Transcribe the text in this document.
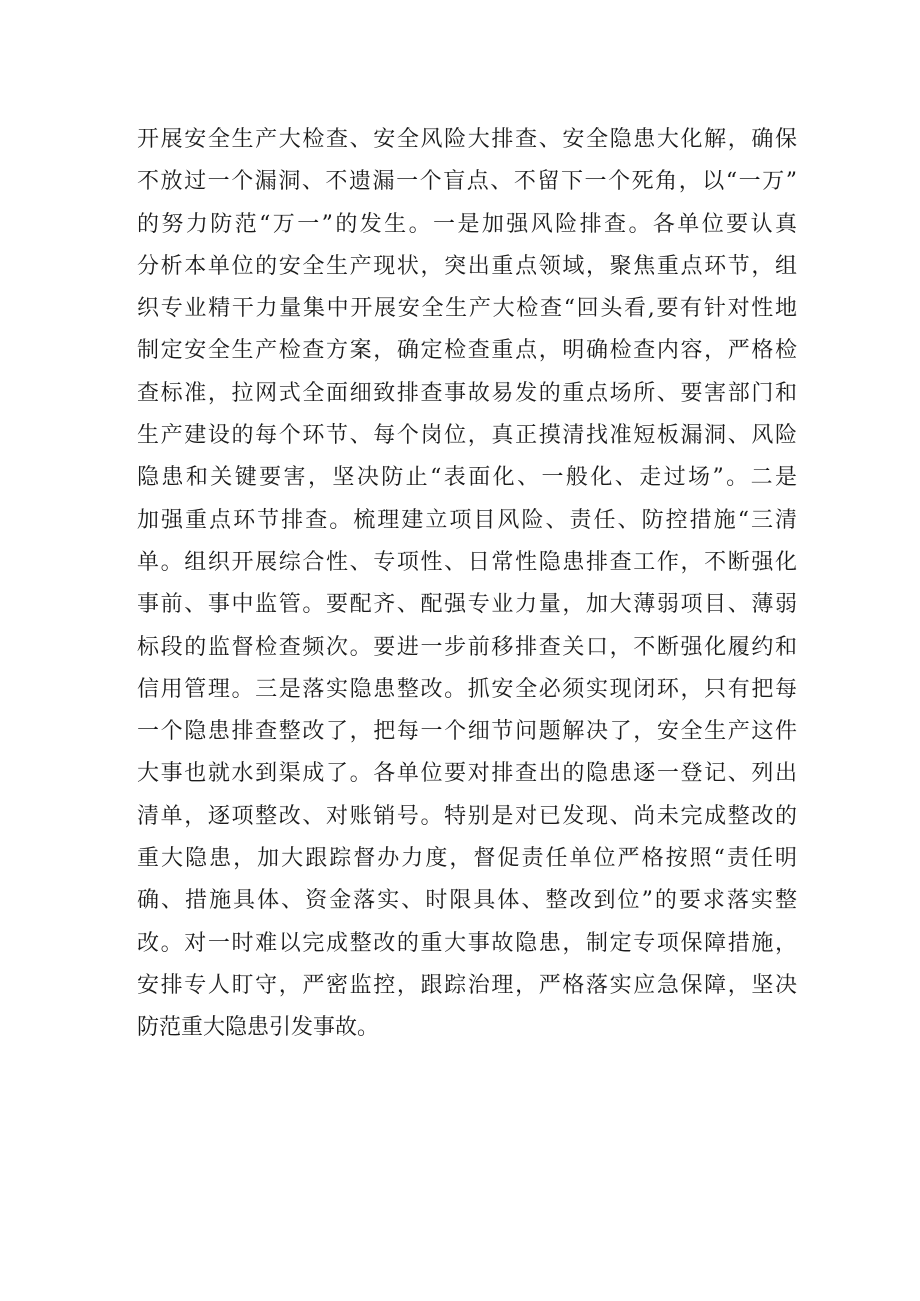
开展安全生产大检查、安全风险大排查、安全隐患大化解，确保
不放过一个漏洞、不遗漏一个盲点、不留下一个死角，以“一万”
的努力防范“万一”的发生。一是加强风险排查。各单位要认真
分析本单位的安全生产现状，突出重点领域，聚焦重点环节，组
织专业精干力量集中开展安全生产大检查“回头看,要有针对性地
制定安全生产检查方案，确定检查重点，明确检查内容，严格检
查标准，拉网式全面细致排查事故易发的重点场所、要害部门和
生产建设的每个环节、每个岗位，真正摸清找准短板漏洞、风险
隐患和关键要害，坚决防止“表面化、一般化、走过场”。二是
加强重点环节排查。梳理建立项目风险、责任、防控措施“三清
单。组织开展综合性、专项性、日常性隐患排查工作，不断强化
事前、事中监管。要配齐、配强专业力量，加大薄弱项目、薄弱
标段的监督检查频次。要进一步前移排查关口，不断强化履约和
信用管理。三是落实隐患整改。抓安全必须实现闭环，只有把每
一个隐患排查整改了，把每一个细节问题解决了，安全生产这件
大事也就水到渠成了。各单位要对排查出的隐患逐一登记、列出
清单，逐项整改、对账销号。特别是对已发现、尚未完成整改的
重大隐患，加大跟踪督办力度，督促责任单位严格按照“责任明
确、措施具体、资金落实、时限具体、整改到位”的要求落实整
改。对一时难以完成整改的重大事故隐患，制定专项保障措施，
安排专人盯守，严密监控，跟踪治理，严格落实应急保障，坚决
防范重大隐患引发事故。
